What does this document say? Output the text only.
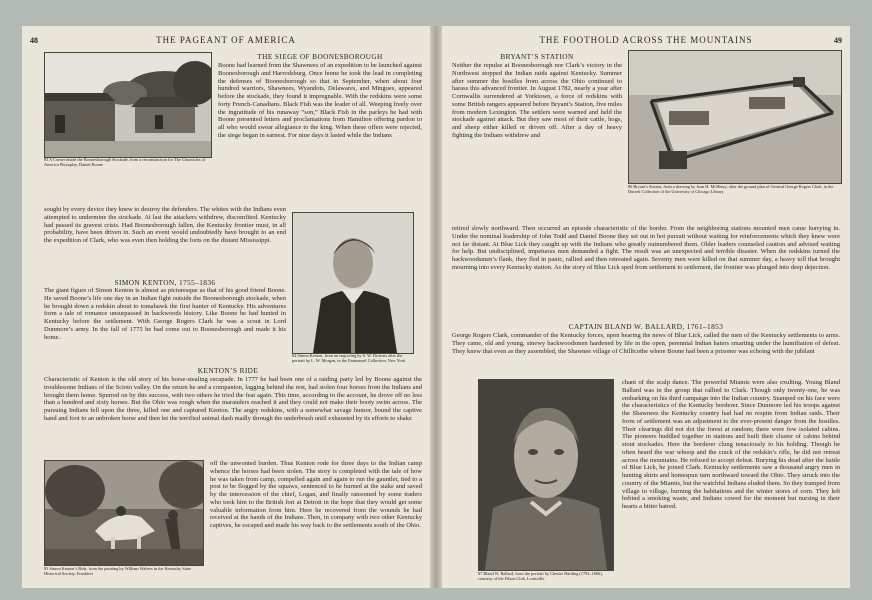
48	THE PAGEANT OF AMERICA
85 A Corner inside the Boonesborough Stockade, from a reconstruction for The Chronicles of America Photoplay, Daniel Boone
THE SIEGE OF BOONESBOROUGH

Boone had learned from the Shawnees of an expedition to be launched against Boonesborough and Harrodsburg. Once home he took the lead in completing the defenses of Boonesborough so that in September, when about four hundred warriors, Shawnees, Wyandots, Delawares, and Mingoes, appeared before the stockade, they found it impregnable. With the redskins were some forty French-Canadians. Black Fish was the leader of all. Weeping freely over the ingratitude of his runaway “son,” Black Fish in the parleys he had with Boone presented letters and proclamations from Hamilton offering pardon to all who would swear allegiance to the king. When these offers were rejected, the siege began in earnest. For nine days it lasted while the Indians

sought by every device they knew to destroy the defenders. The whites with the Indians even attempted to undermine the stockade. At last the attackers withdrew, discomfited. Kentucky had passed its gravest crisis. Had Boonesborough fallen, the Kentucky frontier must, in all probability, have been driven in. Such an event would undoubtedly have brought to an end the expedition of Clark, who was even then holding the forts on the distant Mississippi.

SIMON KENTON, 1755–1836

The giant figure of Simon Kenton is almost as picturesque as that of his good friend Boone. He saved Boone’s life one day in an Indian fight outside the Boonesborough stockade, when he brought down a redskin about to tomahawk the first hunter of Kentucky. His adventures form a tale of romance unsurpassed in backwoods history. Like Boone he had hunted in Kentucky before the settlement. With George Rogers Clark he was a scout in Lord Dunmore’s army. In the fall of 1775 he had come out to Boonesborough and made it his home.

84 Simon Kenton, from an engraving by S. W. Dickens after the portrait by L. W. Morgan, in the Emmanuel Collection, New York
KENTON’S RIDE

Characteristic of Kenton is the old story of his horse-stealing escapade. In 1777 he had been one of a raiding party led by Boone against the troublesome Indians of the Scioto valley. On the return he and a companion, lagging behind the rest, had stolen four horses from the Indians and brought them home. Spurred on by this success, with two others he tried the feat again. This time, according to the account, he drove off no less than a hundred and sixty horses. But the Ohio was rough when the marauders reached it and they could not make their booty swim across. The pursuing Indians fell upon the three, killed one and captured Kenton. The angry redskins, with a somewhat savage humor, bound the captive hand and foot to an unbroken horse and then let the terrified animal dash madly through the underbrush until exhausted by its efforts to shake

83 Simon Kenton’s Ride, from the painting by William Walters in the Kentucky State Historical Society, Frankfort

off the unwonted burden. Thus Kenton rode for three days to the Indian camp whence the horses had been stolen. The story is completed with the tale of how he was taken from camp, compelled again and again to run the gauntlet, tied to a post to be flogged by the squaws, sentenced to be burned at the stake and saved by the intercession of the chief, Logan, and finally ransomed by some traders who took him to the British fort at Detroit in the hope that they would get some valuable information from him. Here he recovered from the wounds he had received at the hands of the Indians. Then, in company with two other Kentucky captives, he escaped and made his way back to the settlements south of the Ohio.

49
THE FOOTHOLD ACROSS THE MOUNTAINS
BRYANT’S STATION

Neither the repulse at Boonesborough nor Clark’s victory in the Northwest stopped the Indian raids against Kentucky. Summer after summer the hostiles from across the Ohio continued to harass this advanced frontier. In August 1782, nearly a year after Cornwallis surrendered at Yorktown, a force of redskins with some British rangers appeared before Bryant’s Station, five miles from modern Lexington. The settlers were warned and held the stockade against attack. But they saw most of their cattle, hogs, and sheep either killed or driven off. After a day of heavy fighting the Indians withdrew and

86 Bryant’s Station, from a drawing by Joan H. McHenry, after the ground plan of General George Rogers Clark, in the Durrett Collection of the University of Chicago Library

retired slowly northward. Then occurred an episode characteristic of the border. From the neighboring stations mounted men came hurrying in. Under the nominal leadership of John Todd and Daniel Boone they set out in hot pursuit without waiting for reinforcements which they knew were not far distant. At Blue Lick they caught up with the Indians who greatly outnumbered them. Older leaders counseled caution and advised waiting for help. But undisciplined, impetuous men demanded a fight. The result was an unexpected and terrible disaster. When the redskins turned the backwoodsmen’s flank, they fled in panic, rallied and then retreated again. Seventy men were killed on that summer day, a heavy toll that brought mourning into every Kentucky station. As the story of Blue Lick sped from settlement to settlement, the frontier was plunged into deep dejection.

CAPTAIN BLAND W. BALLARD, 1761–1853

George Rogers Clark, commander of the Kentucky forces, upon hearing the news of Blue Lick, called the men of the Kentucky settlements to arms. They came, old and young, sinewy backwoodsmen hardened by life in the open, perennial Indian haters smarting under the humiliation of defeat. They knew that even as they assembled, the Shawnee village of Chillicothe where Boone had been a prisoner was echoing with the jubilant

87 Bland W. Ballard, from the portrait by Chester Harding (1792–1866), courtesy of the Filson Club, Louisville

chant of the scalp dance. The powerful Miamis were also exulting. Young Bland Ballard was in the group that rallied to Clark. Though only twenty-one, he was embarking on his third campaign into the Indian country. Stamped on his face were the characteristics of the Kentucky borderer. Since Dunmore led his troops against the Shawnees the Kentucky country had had no respite from Indian raids. Their form of settlement was an adjustment to the ever-present danger from the hostiles. Their clearings did not dot the forest at random; there were few isolated cabins. The pioneers huddled together in stations and built their cluster of cabins behind stout stockades. Here the borderer clung tenaciously to his holding. Though he often heard the war whoop and the crack of the redskin’s rifle, he did not retreat across the mountains. He refused to accept defeat. Burying his dead after the battle of Blue Lick, he joined Clark. Kentucky settlements saw a thousand angry men in hunting shirts and homespun turn northward toward the Ohio. They struck into the country of the Miamis, but the watchful Indians eluded them. So they tramped from village to village, burning the habitations and the winter stores of corn. They left behind a smoking waste, and Indians cowed for the moment but nursing in their hearts a bitter hatred.
